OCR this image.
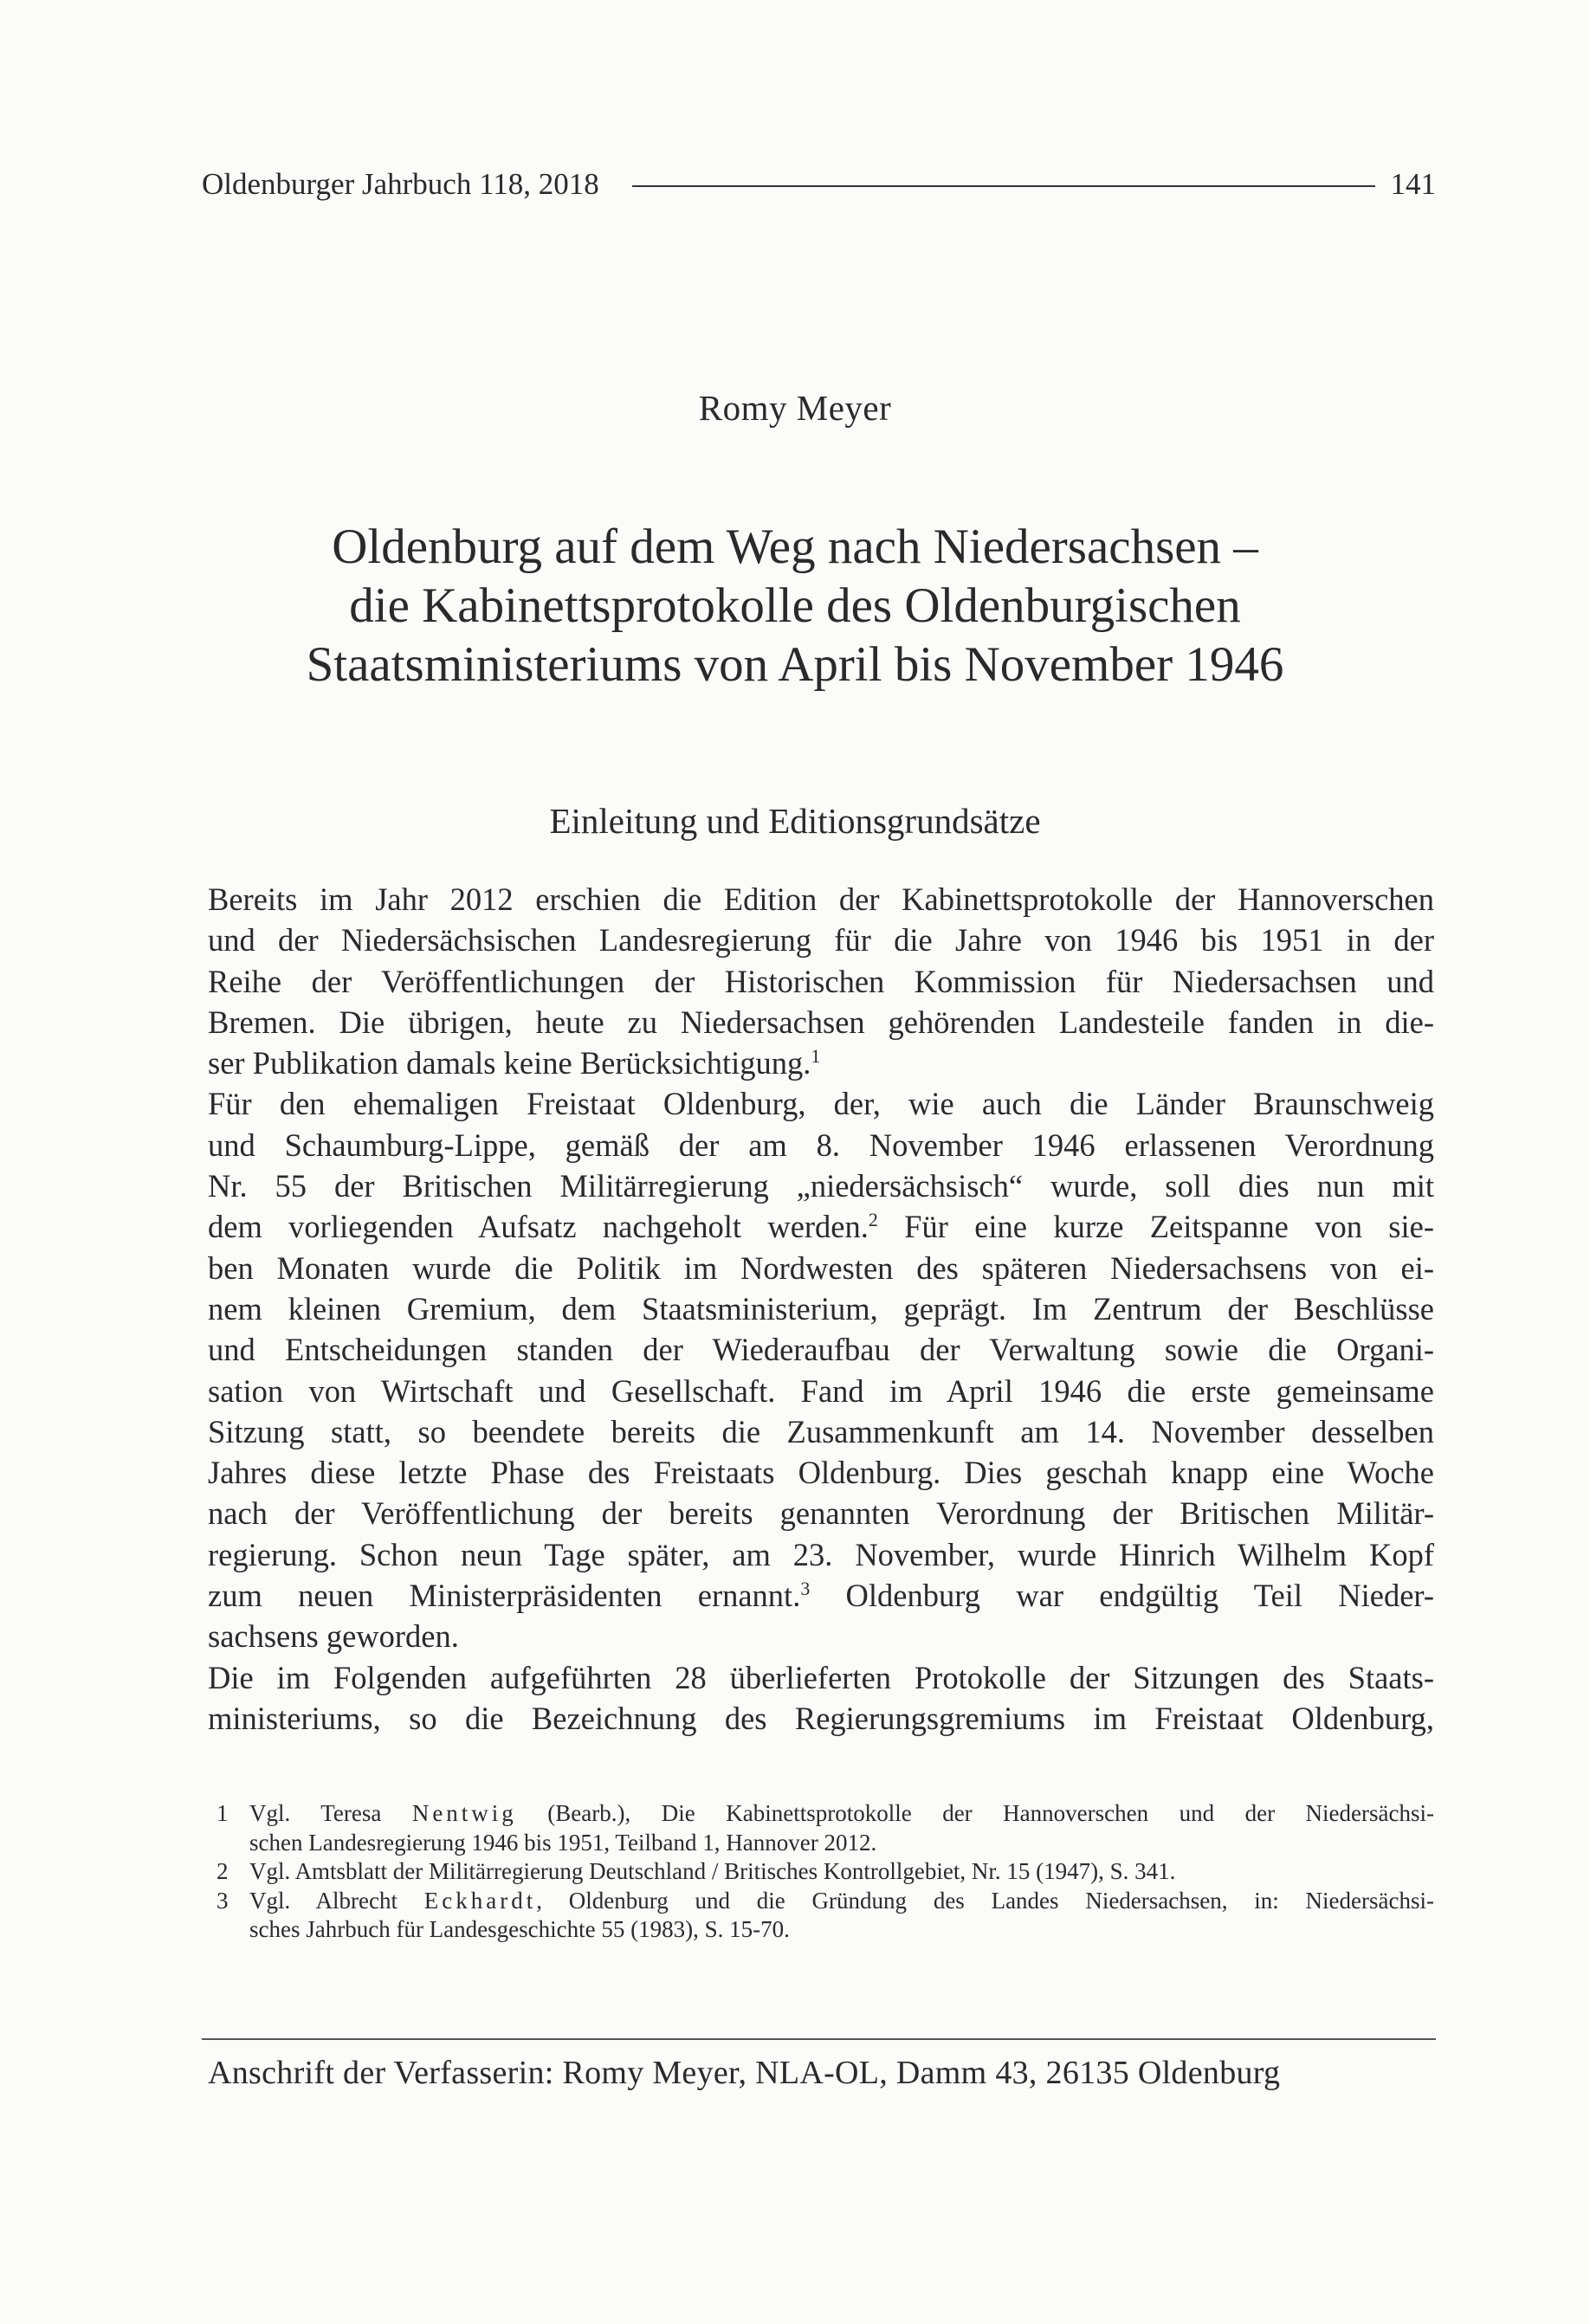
Oldenburger Jahrbuch 118, 2018	141
Romy Meyer
Oldenburg auf dem Weg nach Niedersachsen –
die Kabinettsprotokolle des Oldenburgischen
Staatsministeriums von April bis November 1946
Einleitung und Editionsgrundsätze
Bereits im Jahr 2012 erschien die Edition der Kabinettsprotokolle der Hannoverschen
und der Niedersächsischen Landesregierung für die Jahre von 1946 bis 1951 in der
Reihe der Veröffentlichungen der Historischen Kommission für Niedersachsen und
Bremen. Die übrigen, heute zu Niedersachsen gehörenden Landesteile fanden in die-
ser Publikation damals keine Berücksichtigung.$^1$
Für den ehemaligen Freistaat Oldenburg, der, wie auch die Länder Braunschweig
und Schaumburg-Lippe, gemäß der am 8. November 1946 erlassenen Verordnung
Nr. 55 der Britischen Militärregierung „niedersächsisch“ wurde, soll dies nun mit
dem vorliegenden Aufsatz nachgeholt werden.$^2$ Für eine kurze Zeitspanne von sie-
ben Monaten wurde die Politik im Nordwesten des späteren Niedersachsens von ei-
nem kleinen Gremium, dem Staatsministerium, geprägt. Im Zentrum der Beschlüsse
und Entscheidungen standen der Wiederaufbau der Verwaltung sowie die Organi-
sation von Wirtschaft und Gesellschaft. Fand im April 1946 die erste gemeinsame
Sitzung statt, so beendete bereits die Zusammenkunft am 14. November desselben
Jahres diese letzte Phase des Freistaats Oldenburg. Dies geschah knapp eine Woche
nach der Veröffentlichung der bereits genannten Verordnung der Britischen Militär-
regierung. Schon neun Tage später, am 23. November, wurde Hinrich Wilhelm Kopf
zum neuen Ministerpräsidenten ernannt.$^3$ Oldenburg war endgültig Teil Nieder-
sachsens geworden.
Die im Folgenden aufgeführten 28 überlieferten Protokolle der Sitzungen des Staats-
ministeriums, so die Bezeichnung des Regierungsgremiums im Freistaat Oldenburg,
1 Vgl. Teresa Nentwig (Bearb.), Die Kabinettsprotokolle der Hannoverschen und der Niedersächsi-
schen Landesregierung 1946 bis 1951, Teilband 1, Hannover 2012.
2 Vgl. Amtsblatt der Militärregierung Deutschland / Britisches Kontrollgebiet, Nr. 15 (1947), S. 341.
3 Vgl. Albrecht Eckhardt, Oldenburg und die Gründung des Landes Niedersachsen, in: Niedersächsi-
sches Jahrbuch für Landesgeschichte 55 (1983), S. 15-70.
Anschrift der Verfasserin: Romy Meyer, NLA-OL, Damm 43, 26135 Oldenburg
